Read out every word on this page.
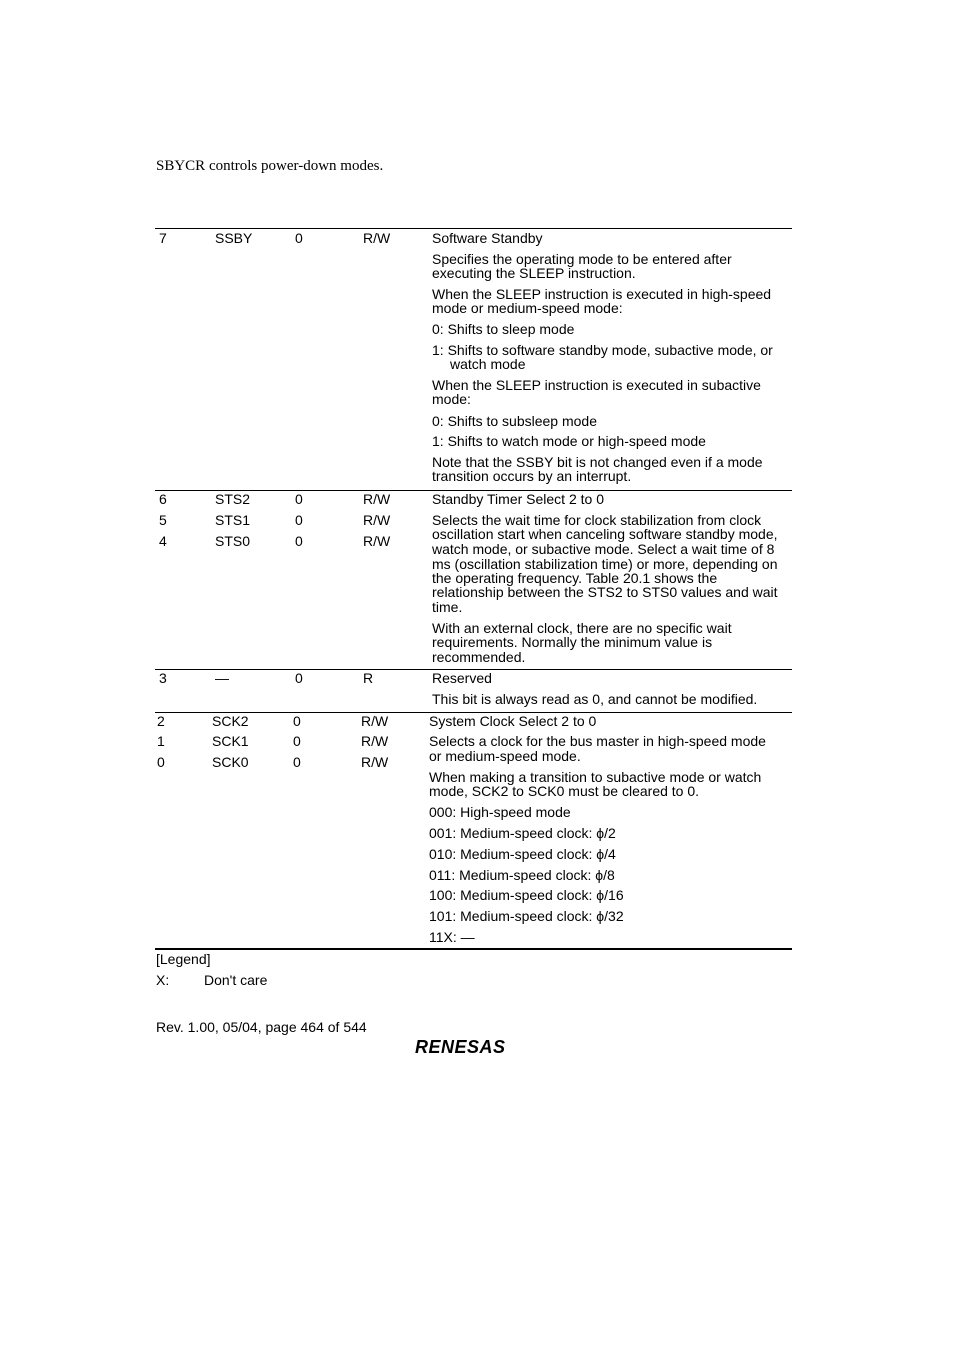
SBYCR controls power-down modes.
7	SSBY	0	R/W	Software Standby
Specifies the operating mode to be entered after
executing the SLEEP instruction.
When the SLEEP instruction is executed in high-speed
mode or medium-speed mode:
0: Shifts to sleep mode
1: Shifts to software standby mode, subactive mode, or
watch mode
When the SLEEP instruction is executed in subactive
mode:
0: Shifts to subsleep mode
1: Shifts to watch mode or high-speed mode
Note that the SSBY bit is not changed even if a mode
transition occurs by an interrupt.
6	STS2	0	R/W
5	STS1	0	R/W
4	STS0	0	R/W
Standby Timer Select 2 to 0
Selects the wait time for clock stabilization from clock
oscillation start when canceling software standby mode,
watch mode, or subactive mode. Select a wait time of 8
ms (oscillation stabilization time) or more, depending on
the operating frequency. Table 20.1 shows the
relationship between the STS2 to STS0 values and wait
time.
With an external clock, there are no specific wait
requirements. Normally the minimum value is
recommended.
3	—	0	R	Reserved
This bit is always read as 0, and cannot be modified.
2	SCK2	0	R/W
1	SCK1	0	R/W
0	SCK0	0	R/W
System Clock Select 2 to 0
Selects a clock for the bus master in high-speed mode
or medium-speed mode.
When making a transition to subactive mode or watch
mode, SCK2 to SCK0 must be cleared to 0.
000: High-speed mode
001: Medium-speed clock: ϕ/2
010: Medium-speed clock: ϕ/4
011: Medium-speed clock: ϕ/8
100: Medium-speed clock: ϕ/16
101: Medium-speed clock: ϕ/32
11X: —
[Legend]
X: Don't care
Rev. 1.00, 05/04, page 464 of 544
RENESAS
